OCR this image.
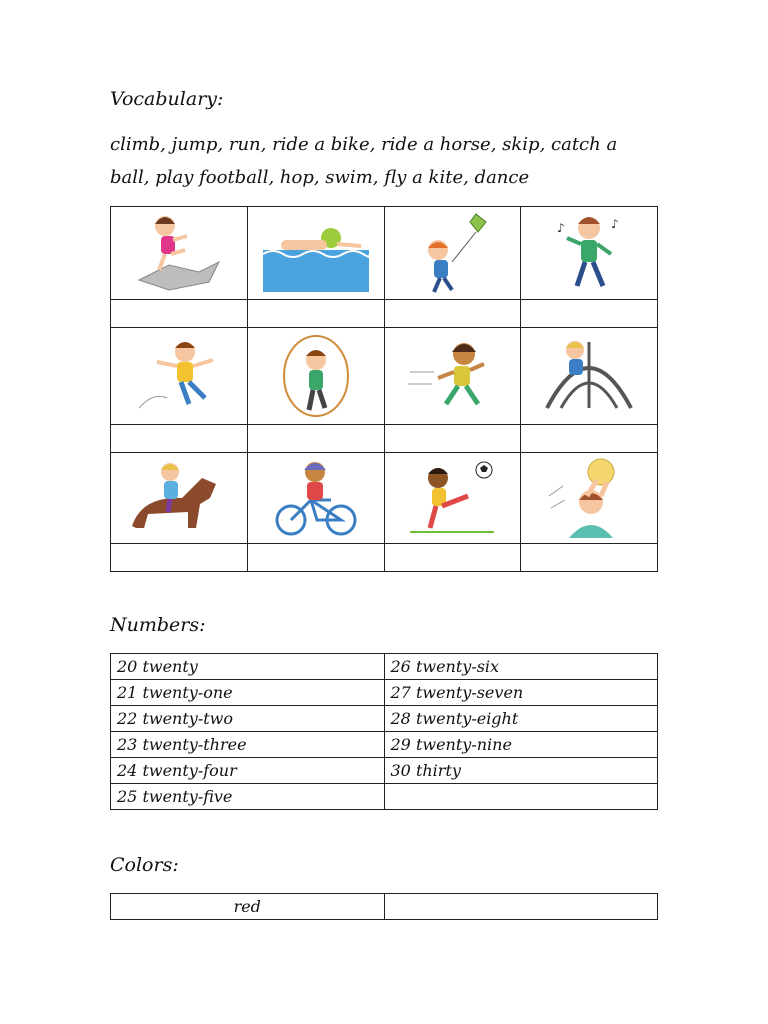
Vocabulary:
climb, jump, run, ride a bike, ride a horse, skip, catch a
ball, play football, hop, swim, fly a kite, dance

♪
♪

Numbers:
20 twenty	26 twenty-six
21 twenty-one	27 twenty-seven
22 twenty-two	28 twenty-eight
23 twenty-three	29 twenty-nine
24 twenty-four	30 thirty
25 twenty-five	
Colors:
red	
